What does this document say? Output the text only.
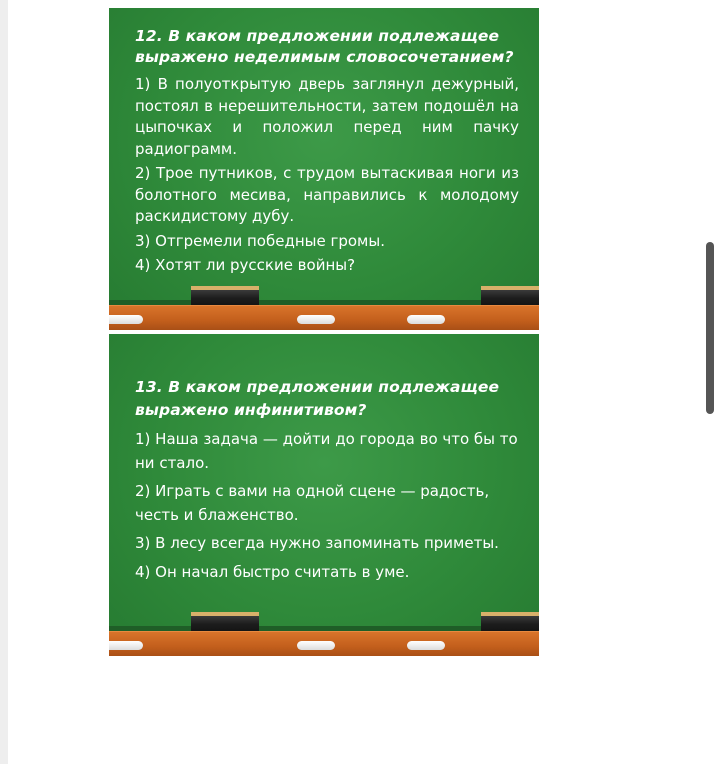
12. В каком предложении подлежащее выражено неделимым словосочетанием?
1) В полуоткрытую дверь заглянул дежурный, постоял в нерешительности, затем подошёл на цыпочках и положил перед ним пачку радиограмм.
2) Трое путников, с трудом вытаскивая ноги из болотного месива, направились к молодому раскидистому дубу.
3) Отгремели победные громы.
4) Хотят ли русские войны?
13. В каком предложении подлежащее выражено инфинитивом?
1) Наша задача — дойти до города во что бы то ни стало.
2) Играть с вами на одной сцене — радость, честь и блаженство.
3) В лесу всегда нужно запоминать приметы.
4) Он начал быстро считать в уме.
